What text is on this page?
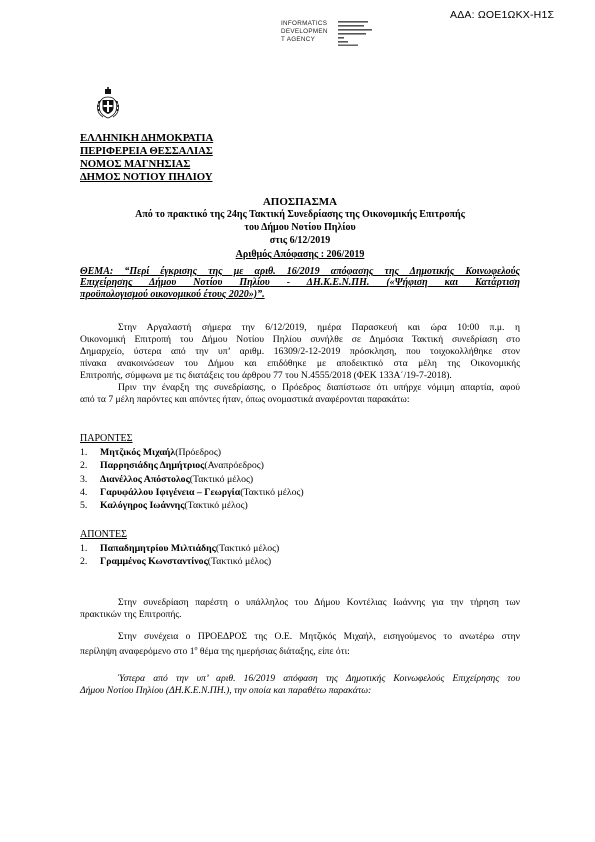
ΑΔΑ: ΩΟΕ1ΩΚΧ-Η1Σ
INFORMATICS
DEVELOPMEN
T AGENCY
ΕΛΛΗΝΙΚΗ ΔΗΜΟΚΡΑΤΙΑ
ΠΕΡΙΦΕΡΕΙΑ ΘΕΣΣΑΛΙΑΣ
ΝΟΜΟΣ ΜΑΓΝΗΣΙΑΣ
ΔΗΜΟΣ ΝΟΤΙΟΥ ΠΗΛΙΟΥ
ΑΠΟΣΠΑΣΜΑ
Από το πρακτικό της 24ης Τακτική Συνεδρίασης της Οικονομικής Επιτροπής
του Δήμου Νοτίου Πηλίου
στις 6/12/2019
Αριθμός Απόφασης : 206/2019
ΘΕΜΑ: “Περί έγκρισης της με αριθ. 16/2019 απόφασης της Δημοτικής Κοινωφελούς
Επιχείρησης Δήμου Νοτίου Πηλίου - ΔΗ.Κ.Ε.Ν.ΠΗ. («Ψήφιση και Κατάρτιση
προϋπολογισμού οικονομικού έτους 2020»)”.
Στην Αργαλαστή σήμερα την 6/12/2019, ημέρα Παρασκευή και ώρα 10:00 π.μ. η
Οικονομική Επιτροπή του Δήμου Νοτίου Πηλίου συνήλθε σε Δημόσια Τακτική συνεδρίαση στο
Δημαρχείο, ύστερα από την υπ’ αριθμ. 16309/2-12-2019 πρόσκληση, που τοιχοκολλήθηκε στον
πίνακα ανακοινώσεων του Δήμου και επιδόθηκε με αποδεικτικό στα μέλη της Οικονομικής
Επιτροπής, σύμφωνα με τις διατάξεις του άρθρου 77 του Ν.4555/2018 (ΦΕΚ 133Α΄/19-7-2018).
Πριν την έναρξη της συνεδρίασης, ο Πρόεδρος διαπίστωσε ότι υπήρχε νόμιμη απαρτία, αφού
από τα 7 μέλη παρόντες και απόντες ήταν, όπως ονομαστικά αναφέρονται παρακάτω:
ΠΑΡΟΝΤΕΣ
1.	Μητζικός Μιχαήλ (Πρόεδρος)
2.	Παρρησιάδης Δημήτριος (Αναπρόεδρος)
3.	Διανέλλος Απόστολος (Τακτικό μέλος)
4.	Γαρυφάλλου Ιφιγένεια – Γεωργία (Τακτικό μέλος)
5.	Καλόγηρος Ιωάννης (Τακτικό μέλος)
ΑΠΟΝΤΕΣ
1.	Παπαδημητρίου Μιλτιάδης (Τακτικό μέλος)
2.	Γραμμένος Κωνσταντίνος (Τακτικό μέλος)
Στην συνεδρίαση παρέστη ο υπάλληλος του Δήμου Κοντέλιας Ιωάννης για την τήρηση των
πρακτικών της Επιτροπής.
Στην συνέχεια ο ΠΡΟΕΔΡΟΣ της Ο.Ε. Μητζικός Μιχαήλ, εισηγούμενος το ανωτέρω στην
περίληψη αναφερόμενο στο $1^o$ θέμα της ημερήσιας διάταξης, είπε ότι:
Ύστερα από την υπ’ αριθ. 16/2019 απόφαση της Δημοτικής Κοινωφελούς Επιχείρησης του
Δήμου Νοτίου Πηλίου (ΔΗ.Κ.Ε.Ν.ΠΗ.), την οποία και παραθέτω παρακάτω:
